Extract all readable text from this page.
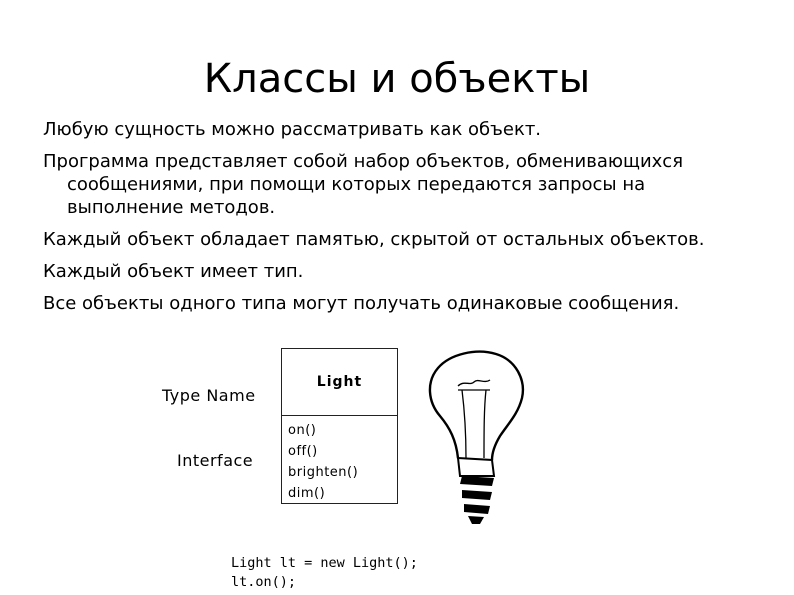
Классы и объекты

Любую сущность можно рассматривать как объект.

Программа представляет собой набор объектов, обменивающихся сообщениями, при помощи которых передаются запросы на выполнение методов.

Каждый объект обладает памятью, скрытой от остальных объектов.

Каждый объект имеет тип.

Все объекты одного типа могут получать одинаковые сообщения.

Type Name
Interface
Light
on()
off()
brighten()
dim()
Light lt = new Light();
lt.on();
